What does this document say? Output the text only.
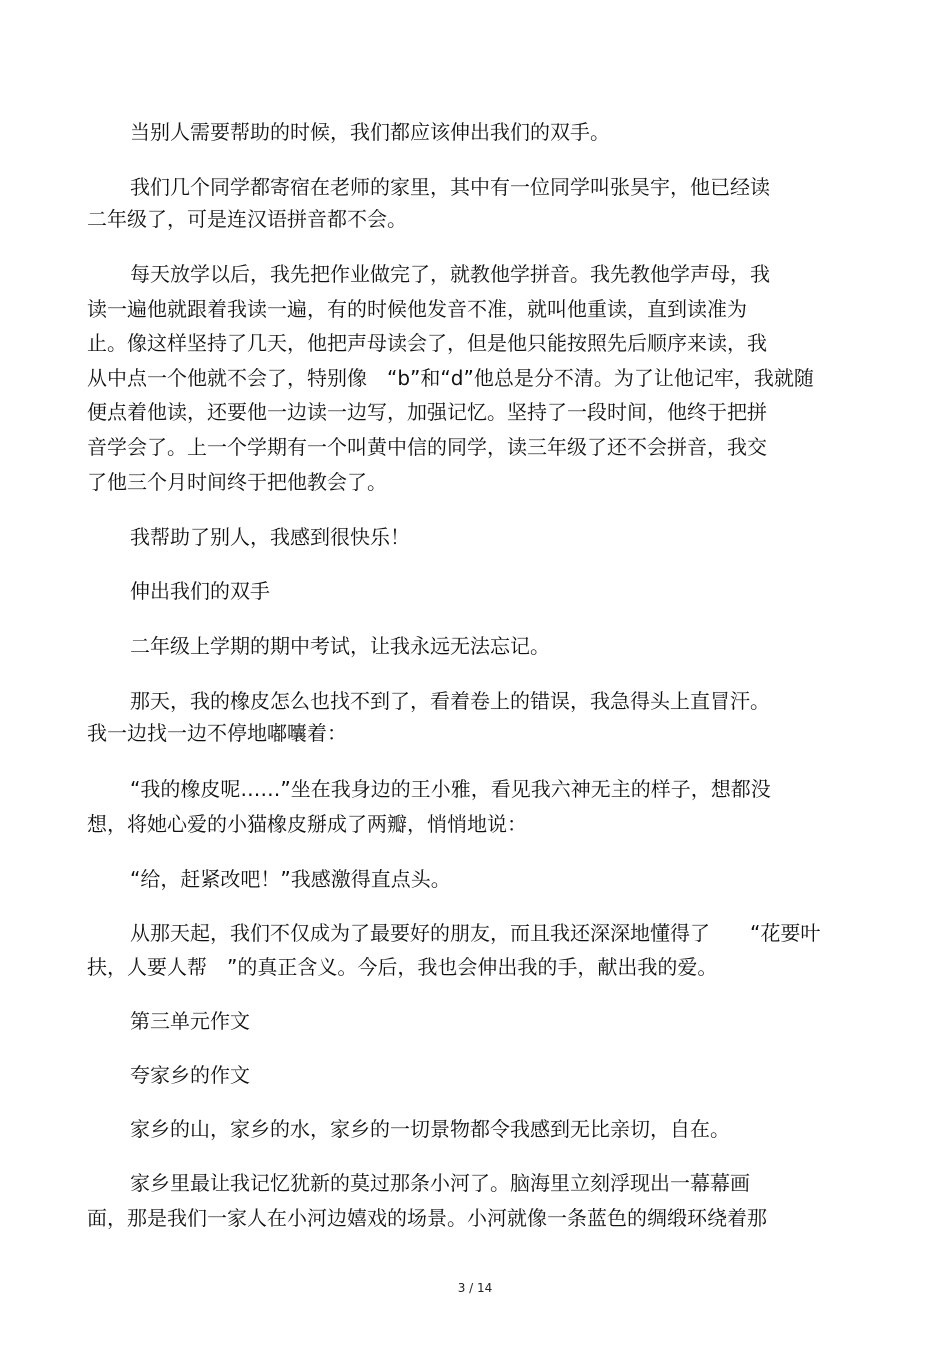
当别人需要帮助的时候，我们都应该伸出我们的双手。
我们几个同学都寄宿在老师的家里，其中有一位同学叫张昊宇，他已经读
二年级了，可是连汉语拼音都不会。
每天放学以后，我先把作业做完了，就教他学拼音。我先教他学声母，我
读一遍他就跟着我读一遍，有的时候他发音不准，就叫他重读，直到读准为
止。像这样坚持了几天，他把声母读会了，但是他只能按照先后顺序来读，我
从中点一个他就不会了，特别像　“b”和“d”他总是分不清。为了让他记牢，我就随
便点着他读，还要他一边读一边写，加强记忆。坚持了一段时间，他终于把拼
音学会了。上一个学期有一个叫黄中信的同学，读三年级了还不会拼音，我交
了他三个月时间终于把他教会了。
我帮助了别人，我感到很快乐！
伸出我们的双手
二年级上学期的期中考试，让我永远无法忘记。
那天，我的橡皮怎么也找不到了，看着卷上的错误，我急得头上直冒汗。
我一边找一边不停地嘟囔着：
“我的橡皮呢……”坐在我身边的王小雅，看见我六神无主的样子，想都没
想，将她心爱的小猫橡皮掰成了两瓣，悄悄地说：
“给，赶紧改吧！”我感激得直点头。
从那天起，我们不仅成为了最要好的朋友，而且我还深深地懂得了　　“花要叶
扶，人要人帮　”的真正含义。今后，我也会伸出我的手，献出我的爱。
第三单元作文
夸家乡的作文
家乡的山，家乡的水，家乡的一切景物都令我感到无比亲切，自在。
家乡里最让我记忆犹新的莫过那条小河了。脑海里立刻浮现出一幕幕画
面，那是我们一家人在小河边嬉戏的场景。小河就像一条蓝色的绸缎环绕着那
3 / 14
